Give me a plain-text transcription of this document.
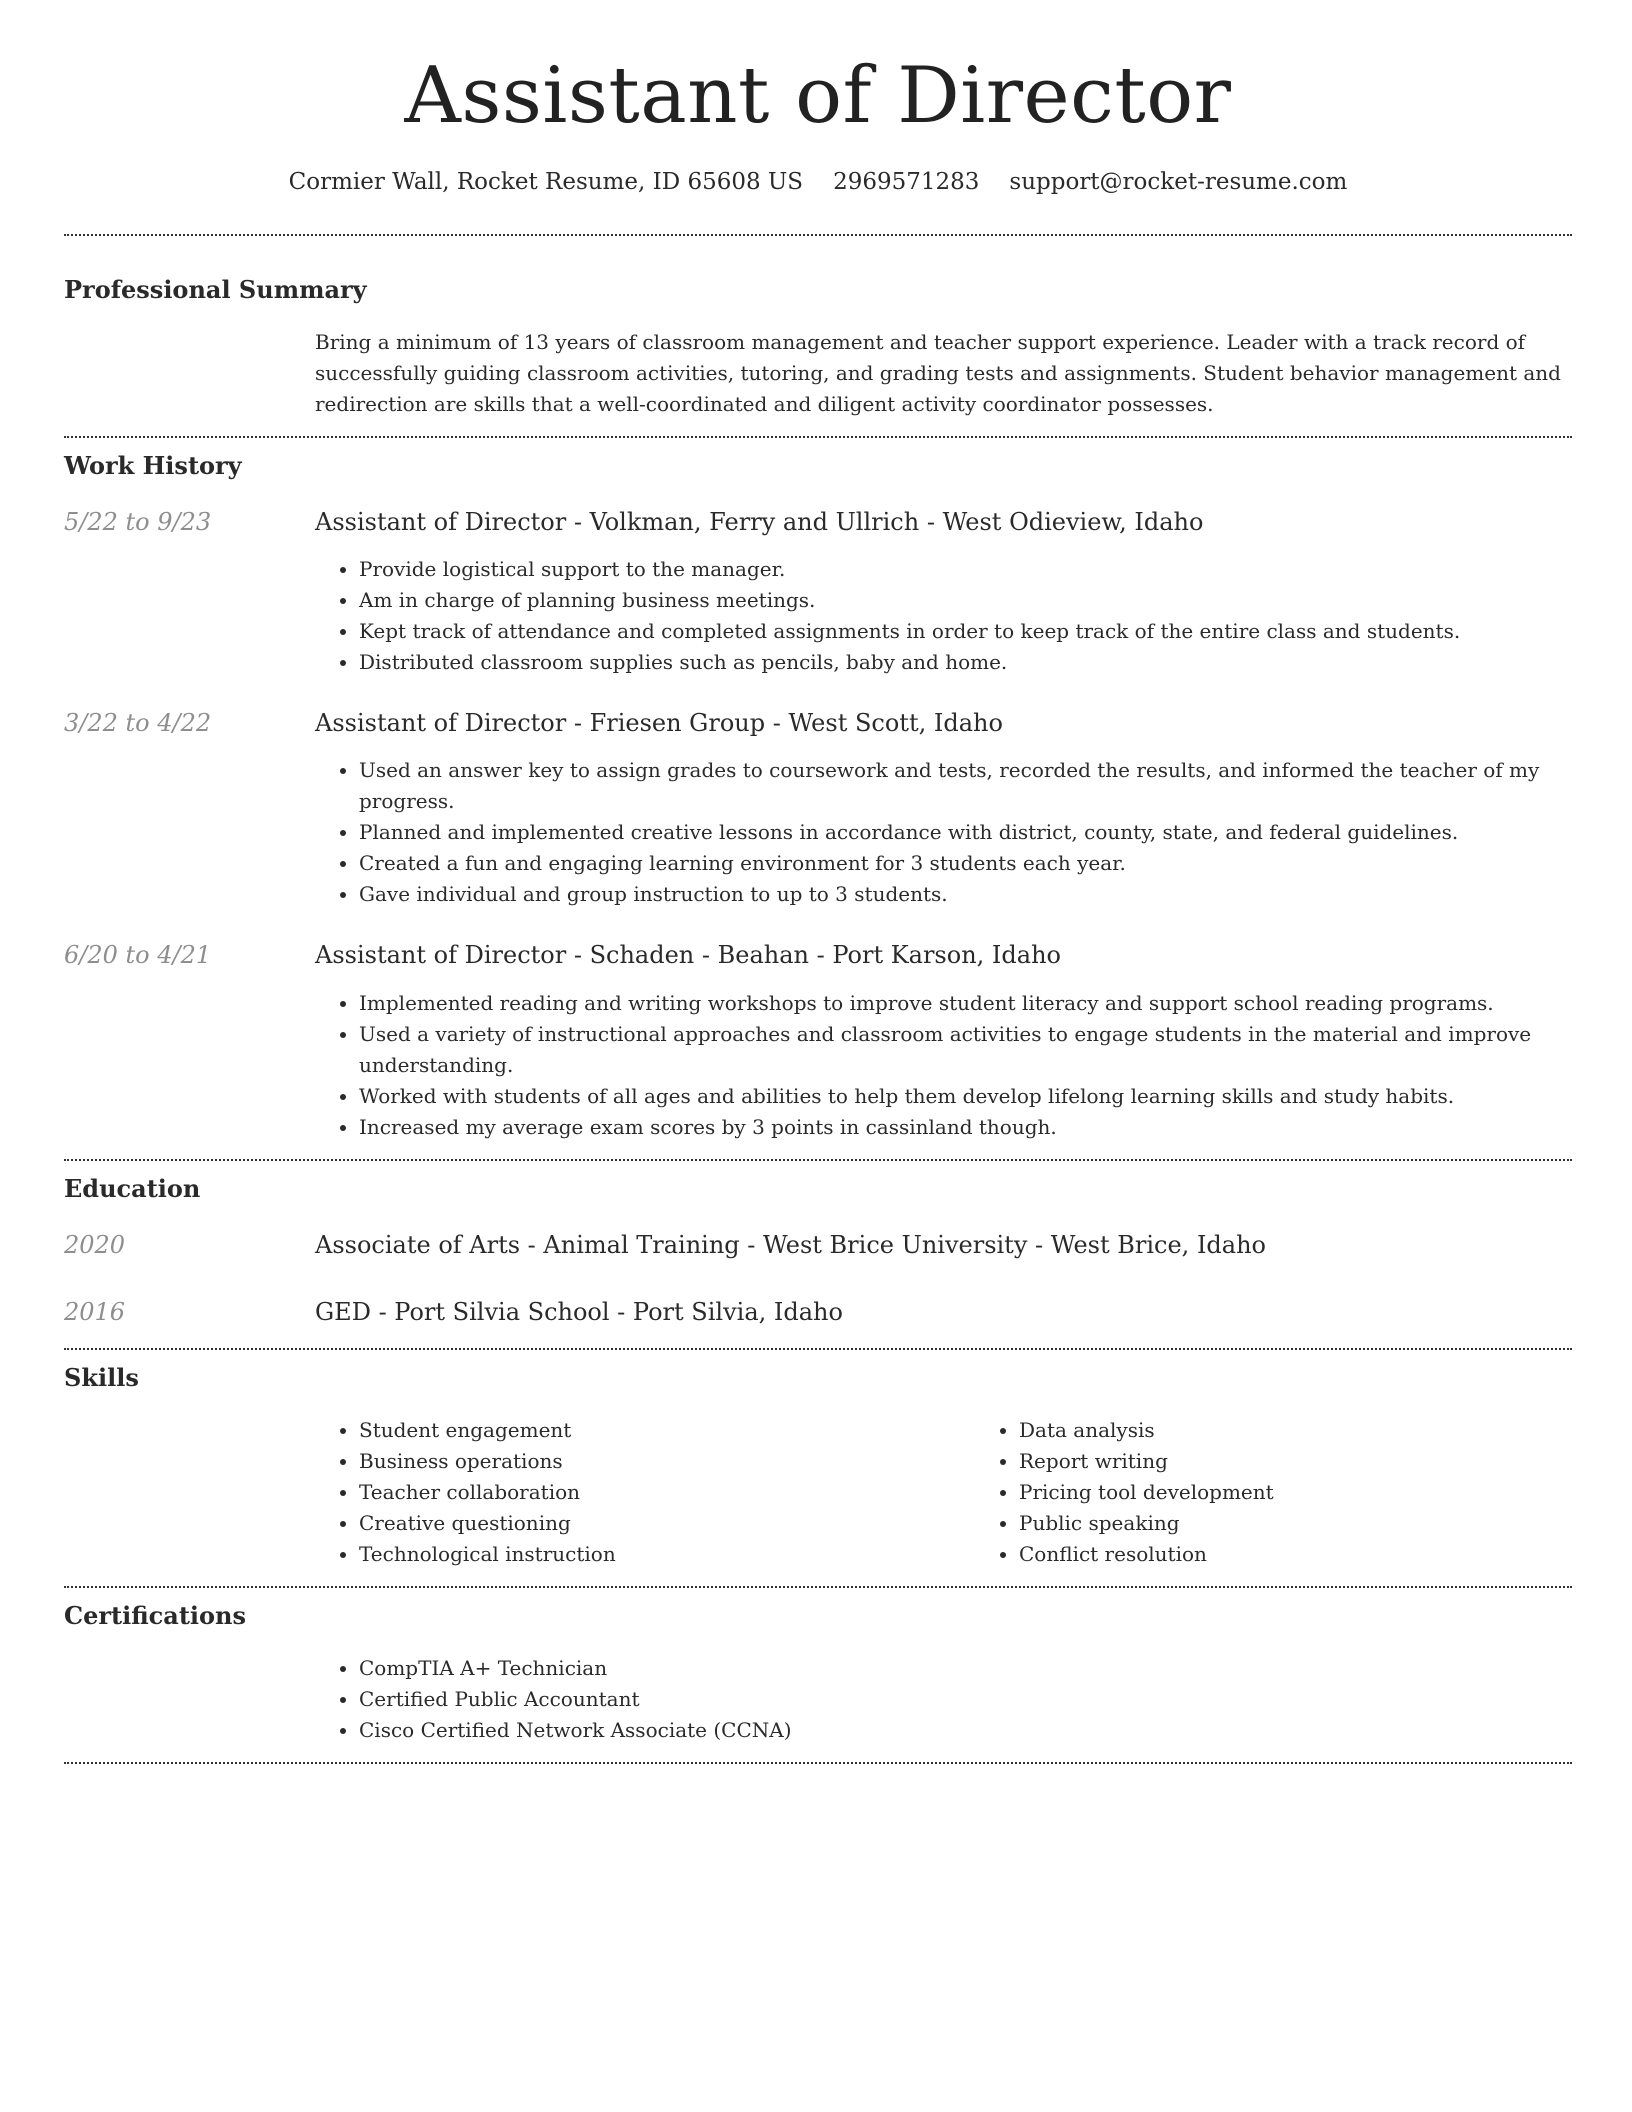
Assistant of Director
Cormier Wall, Rocket Resume, ID 65608 US 2969571283 support@rocket-resume.com
Professional Summary

Bring a minimum of 13 years of classroom management and teacher support experience. Leader with a track record of successfully guiding classroom activities, tutoring, and grading tests and assignments. Student behavior management and redirection are skills that a well-coordinated and diligent activity coordinator possesses.

Work History
5/22 to 9/23	Assistant of Director - Volkman, Ferry and Ullrich - West Odieview, Idaho
• Provide logistical support to the manager.
• Am in charge of planning business meetings.
• Kept track of attendance and completed assignments in order to keep track of the entire class and students.
• Distributed classroom supplies such as pencils, baby and home.
3/22 to 4/22	Assistant of Director - Friesen Group - West Scott, Idaho
• Used an answer key to assign grades to coursework and tests, recorded the results, and informed the teacher of my progress.
• Planned and implemented creative lessons in accordance with district, county, state, and federal guidelines.
• Created a fun and engaging learning environment for 3 students each year.
• Gave individual and group instruction to up to 3 students.
6/20 to 4/21	Assistant of Director - Schaden - Beahan - Port Karson, Idaho
• Implemented reading and writing workshops to improve student literacy and support school reading programs.
• Used a variety of instructional approaches and classroom activities to engage students in the material and improve understanding.
• Worked with students of all ages and abilities to help them develop lifelong learning skills and study habits.
• Increased my average exam scores by 3 points in cassinland though.
Education
2020	Associate of Arts - Animal Training - West Brice University - West Brice, Idaho
2016	GED - Port Silvia School - Port Silvia, Idaho
Skills
• Student engagement
• Business operations
• Teacher collaboration
• Creative questioning
• Technological instruction
• Data analysis
• Report writing
• Pricing tool development
• Public speaking
• Conflict resolution
Certifications
• CompTIA A+ Technician
• Certified Public Accountant
• Cisco Certified Network Associate (CCNA)
